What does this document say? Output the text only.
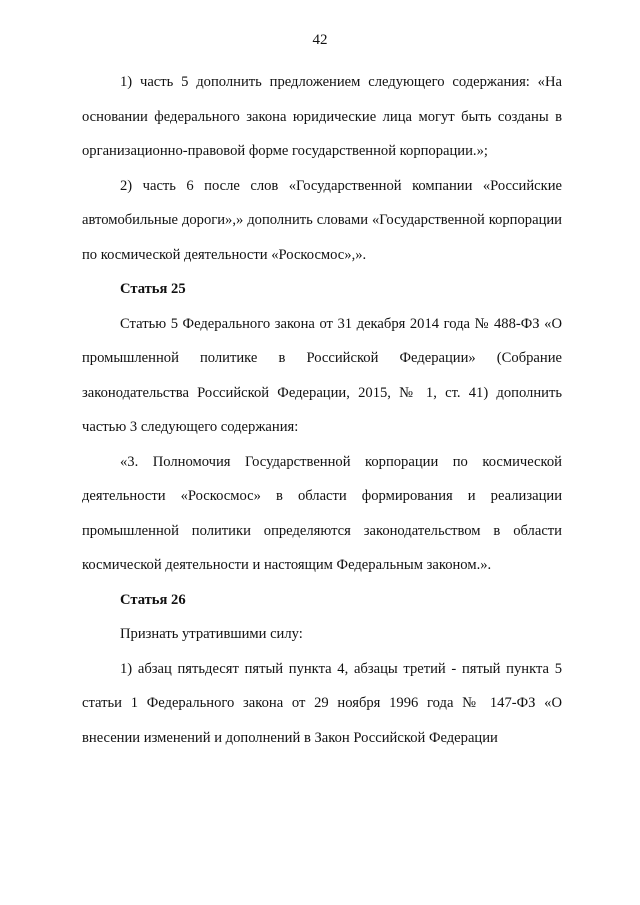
42

1) часть 5 дополнить предложением следующего содержания: «На основании федерального закона юридические лица могут быть созданы в организационно-правовой форме государственной корпорации.»;

2) часть 6 после слов «Государственной компании «Российские автомобильные дороги»,» дополнить словами «Государственной корпорации по космической деятельности «Роскосмос»,».

Статья 25

Статью 5 Федерального закона от 31 декабря 2014 года № 488-ФЗ «О промышленной политике в Российской Федерации» (Собрание законодательства Российской Федерации, 2015, № 1, ст. 41) дополнить частью 3 следующего содержания:

«3. Полномочия Государственной корпорации по космической деятельности «Роскосмос» в области формирования и реализации промышленной политики определяются законодательством в области космической деятельности и настоящим Федеральным законом.».

Статья 26

Признать утратившими силу:

1) абзац пятьдесят пятый пункта 4, абзацы третий - пятый пункта 5 статьи 1 Федерального закона от 29 ноября 1996 года № 147-ФЗ «О внесении изменений и дополнений в Закон Российской Федерации
